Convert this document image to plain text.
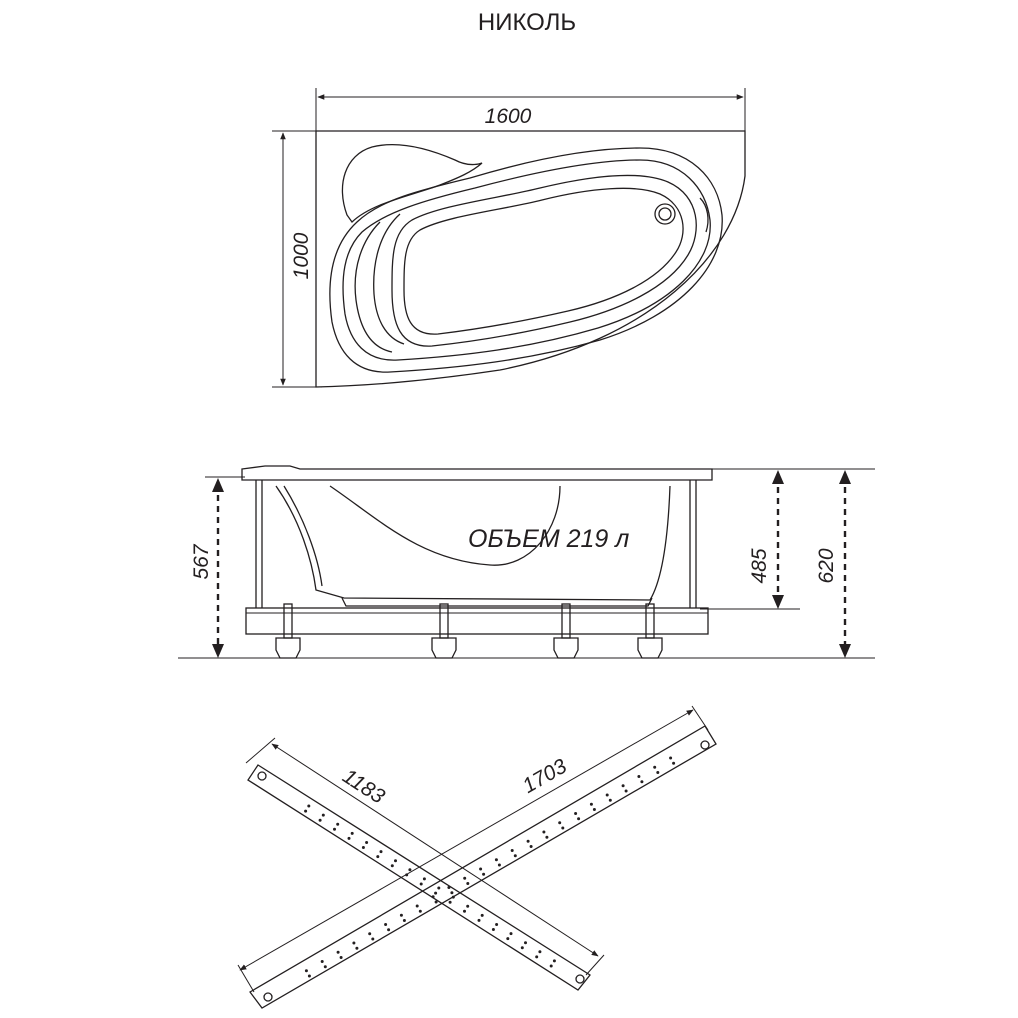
НИКОЛЬ
1600
1000
ОБЪЕМ 219 л
567	485 620
1183	1703
